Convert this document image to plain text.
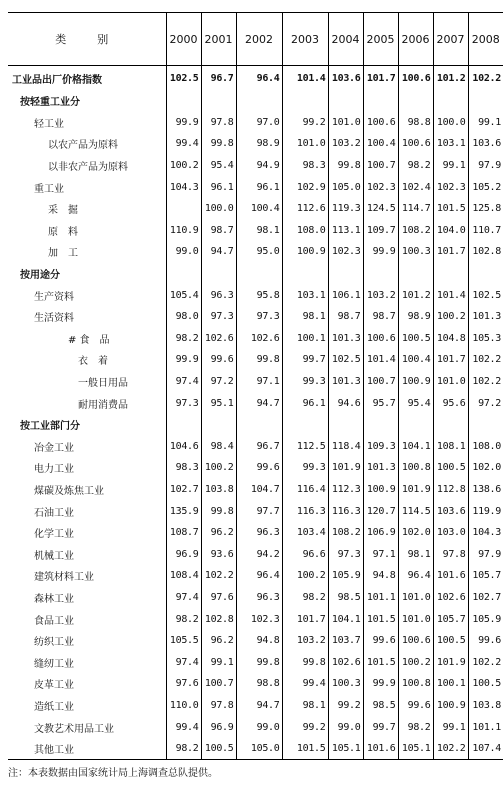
类　别	2000	2001	2002	2003	2004	2005	2006	2007	2008
工业品出厂价格指数	102.5	96.7	96.4	101.4	103.6	101.7	100.6	101.2	102.2
按轻重工业分									
轻工业	99.9	97.8	97.0	99.2	101.0	100.6	98.8	100.0	99.1
以农产品为原料	99.4	99.8	98.9	101.0	103.2	100.4	100.6	103.1	103.6
以非农产品为原料	100.2	95.4	94.9	98.3	99.8	100.7	98.2	99.1	97.9
重工业	104.3	96.1	96.1	102.9	105.0	102.3	102.4	102.3	105.2
采　掘		100.0	100.4	112.6	119.3	124.5	114.7	101.5	125.8
原　料	110.9	98.7	98.1	108.0	113.1	109.7	108.2	104.0	110.7
加　工	99.0	94.7	95.0	100.9	102.3	99.9	100.3	101.7	102.8
按用途分									
生产资料	105.4	96.3	95.8	103.1	106.1	103.2	101.2	101.4	102.5
生活资料	98.0	97.3	97.3	98.1	98.7	98.7	98.9	100.2	101.3
# 食　品	98.2	102.6	102.6	100.1	101.3	100.6	100.5	104.8	105.3
衣　着	99.9	99.6	99.8	99.7	102.5	101.4	100.4	101.7	102.2
一般日用品	97.4	97.2	97.1	99.3	101.3	100.7	100.9	101.0	102.2
耐用消费品	97.3	95.1	94.7	96.1	94.6	95.7	95.4	95.6	97.2
按工业部门分									
冶金工业	104.6	98.4	96.7	112.5	118.4	109.3	104.1	108.1	108.0
电力工业	98.3	100.2	99.6	99.3	101.9	101.3	100.8	100.5	102.0
煤碳及炼焦工业	102.7	103.8	104.7	116.4	112.3	100.9	101.9	112.8	138.6
石油工业	135.9	99.8	97.7	116.3	116.3	120.7	114.5	103.6	119.9
化学工业	108.7	96.2	96.3	103.4	108.2	106.9	102.0	103.0	104.3
机械工业	96.9	93.6	94.2	96.6	97.3	97.1	98.1	97.8	97.9
建筑材料工业	108.4	102.2	96.4	100.2	105.9	94.8	96.4	101.6	105.7
森林工业	97.4	97.6	96.3	98.2	98.5	101.1	101.0	102.6	102.7
食品工业	98.2	102.8	102.3	101.7	104.1	101.5	101.0	105.7	105.9
纺织工业	105.5	96.2	94.8	103.2	103.7	99.6	100.6	100.5	99.6
缝纫工业	97.4	99.1	99.8	99.8	102.6	101.5	100.2	101.9	102.2
皮革工业	97.6	100.7	98.8	99.4	100.3	99.9	100.8	100.1	100.5
造纸工业	110.0	97.8	94.7	98.1	99.2	98.5	99.6	100.9	103.8
文教艺术用品工业	99.4	96.9	99.0	99.2	99.0	99.7	98.2	99.1	101.1
其他工业	98.2	100.5	105.0	101.5	105.1	101.6	105.1	102.2	107.4
注：本表数据由国家统计局上海调查总队提供。
